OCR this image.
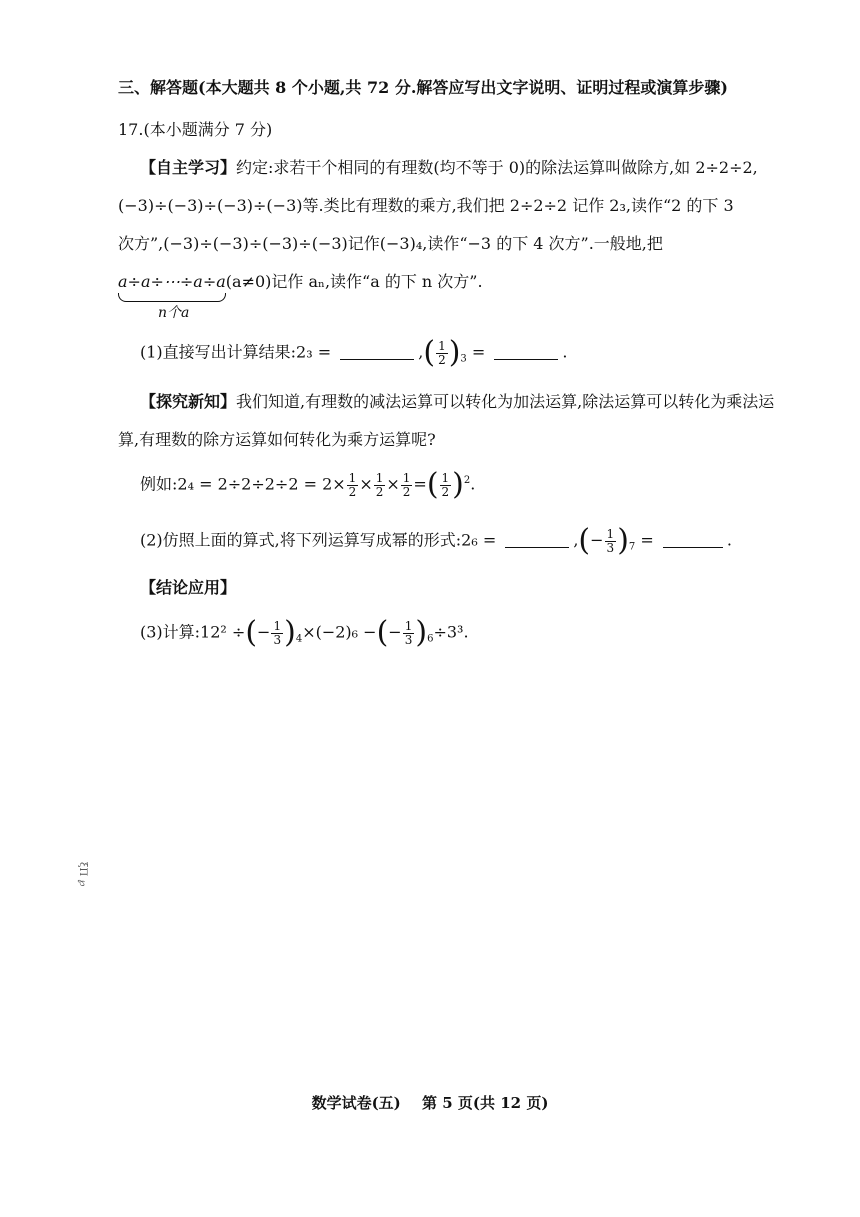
三、解答题(本大题共 8 个小题,共 72 分.解答应写出文字说明、证明过程或演算步骤)
17.(本小题满分 7 分)
【自主学习】约定:求若干个相同的有理数(均不等于 0)的除法运算叫做除方,如 2÷2÷2,
(−3)÷(−3)÷(−3)÷(−3)等.类比有理数的乘方,我们把 2÷2÷2 记作 2₃,读作“2 的下 3
次方”,(−3)÷(−3)÷(−3)÷(−3)记作(−3)₄,读作“−3 的下 4 次方”.一般地,把
a÷a÷⋯÷a÷a
n个a
(a≠0)记作 aₙ,读作“a 的下 n 次方”.
(1)直接写出计算结果:2₃ =	,( $\frac{1}{2} )_3$ =	.
【探究新知】我们知道,有理数的减法运算可以转化为加法运算,除法运算可以转化为乘法运
算,有理数的除方运算如何转化为乘方运算呢?
例如:2₄ = $2\div 2\div 2\div 2 = 2\times \frac{1}{2} \times \frac{1}{2} \times \frac{1}{2}$ =( $\frac{1}{2} )^2$.
(2)仿照上面的算式,将下列运算写成幂的形式:2₆ =	,(− $\frac{1}{3} )_7$ =	.
【结论应用】
(3)计算:12² ÷(− $\frac{1}{3} )_4\times(-2)_6$ −(− $\frac{1}{3} )_6\div 3^3$.
ξΠ ℘
数学试卷(五) 第 5 页(共 12 页)
